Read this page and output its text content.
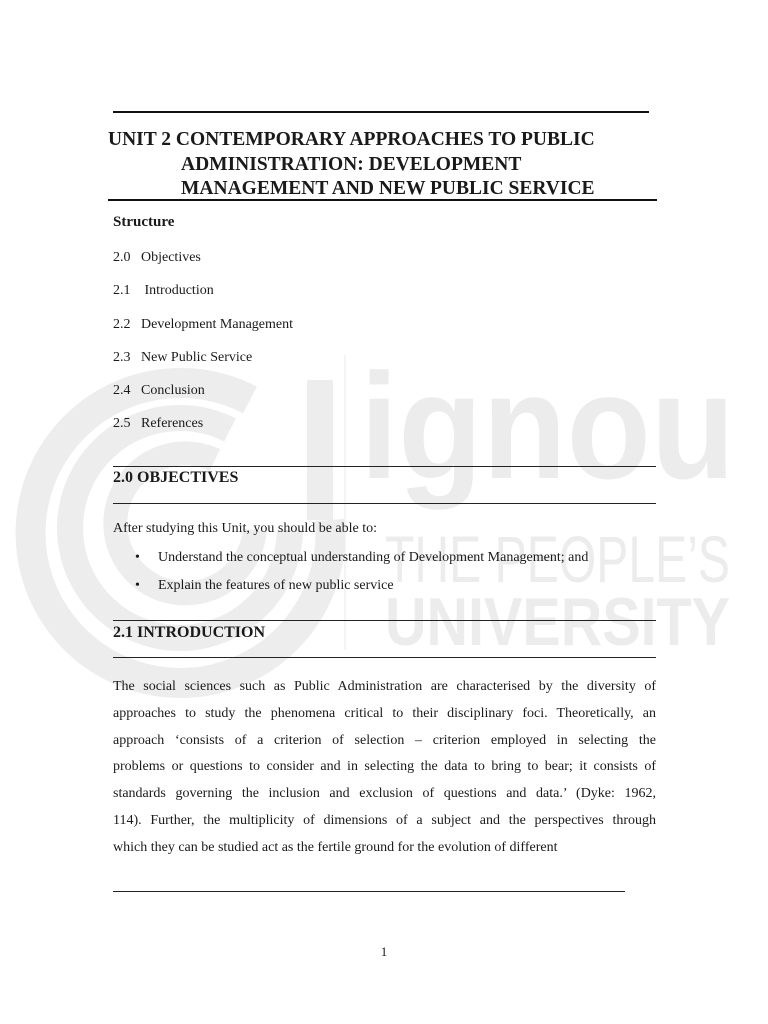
ignou
THE PEOPLE’S
UNIVERSITY
UNIT 2 CONTEMPORARY APPROACHES TO PUBLIC
ADMINISTRATION: DEVELOPMENT
MANAGEMENT AND NEW PUBLIC SERVICE
Structure
2.0 Objectives
2.1 Introduction
2.2 Development Management
2.3 New Public Service
2.4 Conclusion
2.5 References
2.0 OBJECTIVES
After studying this Unit, you should be able to:
• Understand the conceptual understanding of Development Management; and
• Explain the features of new public service
2.1 INTRODUCTION
The social sciences such as Public Administration are characterised by the diversity of
approaches to study the phenomena critical to their disciplinary foci. Theoretically, an
approach ‘consists of a criterion of selection – criterion employed in selecting the
problems or questions to consider and in selecting the data to bring to bear; it consists of
standards governing the inclusion and exclusion of questions and data.’ (Dyke: 1962,
114). Further, the multiplicity of dimensions of a subject and the perspectives through
which they can be studied act as the fertile ground for the evolution of different
1
